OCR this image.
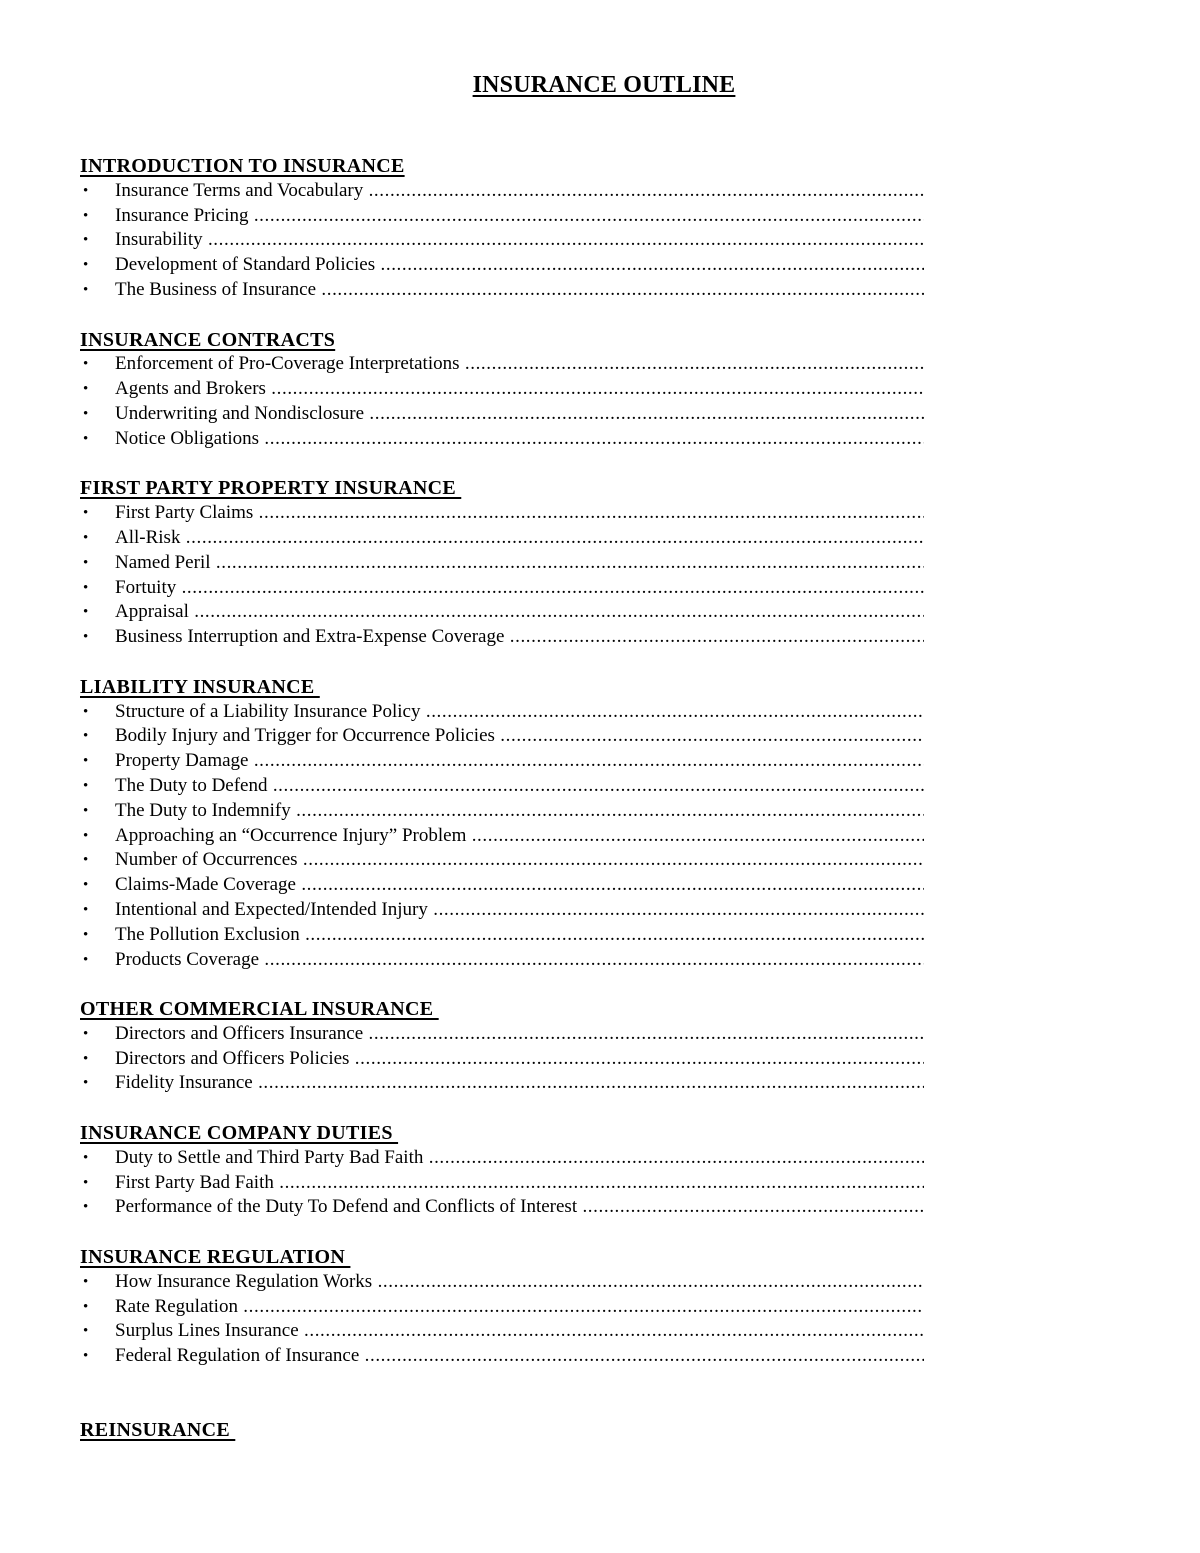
INSURANCE OUTLINE
INTRODUCTION TO INSURANCE
• Insurance Terms and Vocabulary .....
• Insurance Pricing .....
• Insurability .....
• Development of Standard Policies .....
• The Business of Insurance .....
INSURANCE CONTRACTS
• Enforcement of Pro-Coverage Interpretations .....
• Agents and Brokers .....
• Underwriting and Nondisclosure .....
• Notice Obligations .....
FIRST PARTY PROPERTY INSURANCE
• First Party Claims .....
• All-Risk .....
• Named Peril .....
• Fortuity .....
• Appraisal .....
• Business Interruption and Extra-Expense Coverage .....
LIABILITY INSURANCE
• Structure of a Liability Insurance Policy .....
• Bodily Injury and Trigger for Occurrence Policies .....
• Property Damage .....
• The Duty to Defend .....
• The Duty to Indemnify .....
• Approaching an “Occurrence Injury” Problem .....
• Number of Occurrences .....
• Claims-Made Coverage .....
• Intentional and Expected/Intended Injury .....
• The Pollution Exclusion .....
• Products Coverage .....
OTHER COMMERCIAL INSURANCE
• Directors and Officers Insurance .....
• Directors and Officers Policies .....
• Fidelity Insurance .....
INSURANCE COMPANY DUTIES
• Duty to Settle and Third Party Bad Faith .....
• First Party Bad Faith .....
• Performance of the Duty To Defend and Conflicts of Interest .....
INSURANCE REGULATION
• How Insurance Regulation Works .....
• Rate Regulation .....
• Surplus Lines Insurance .....
• Federal Regulation of Insurance .....
REINSURANCE
